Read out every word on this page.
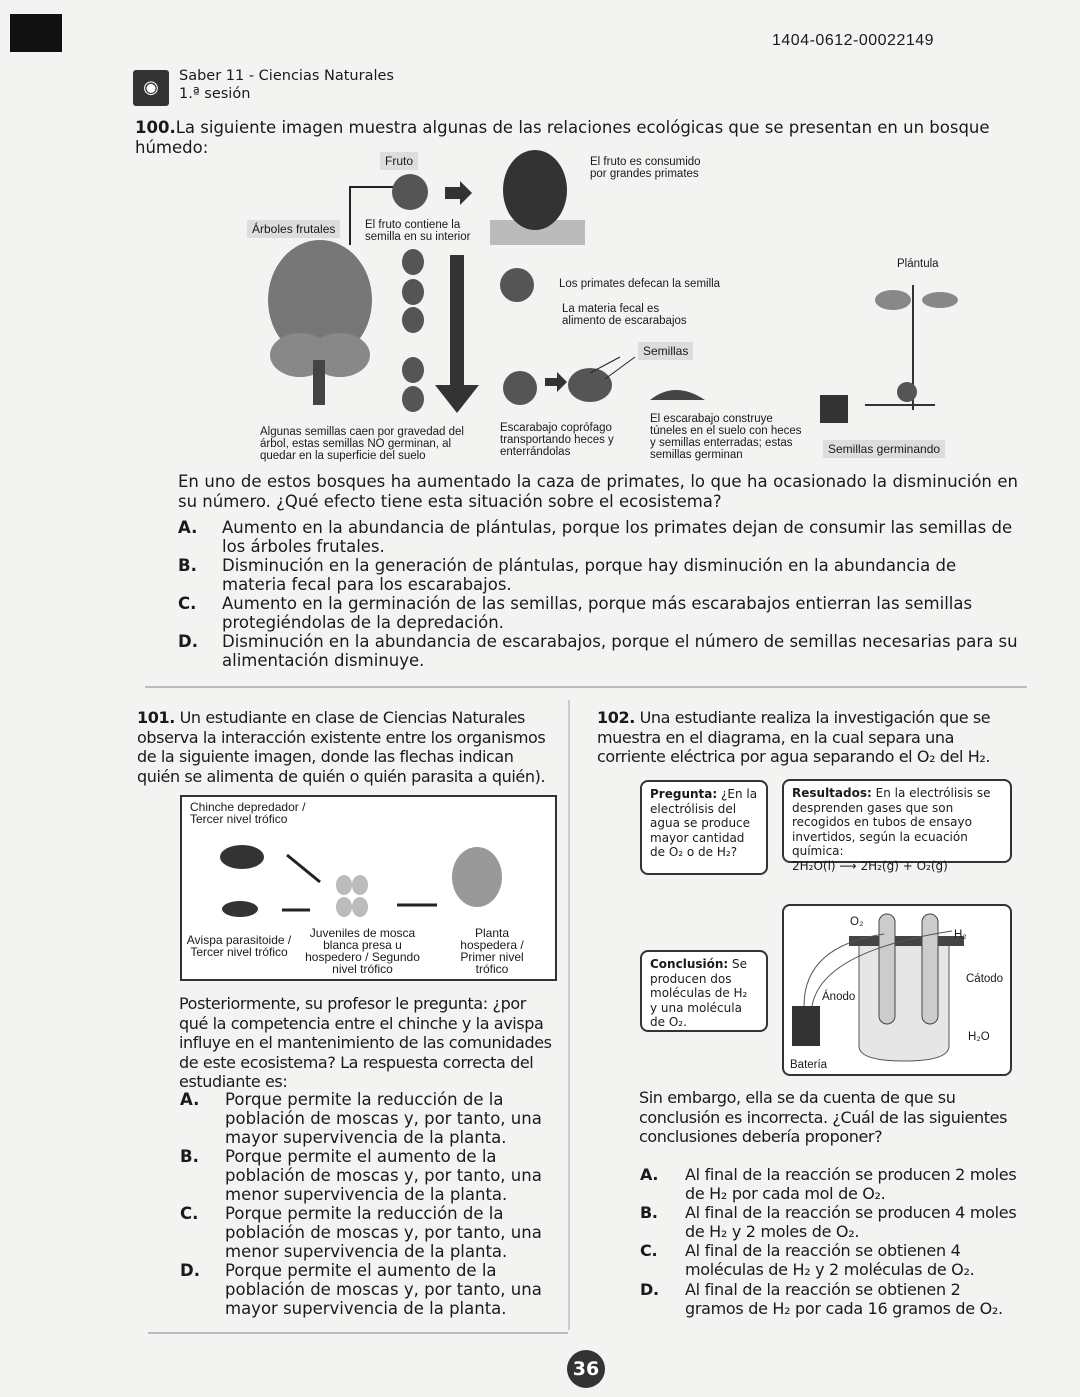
1404-0612-00022149
◉
Saber 11 - Ciencias Naturales
1.ª sesión
100.La siguiente imagen muestra algunas de las relaciones ecológicas que se presentan en un bosque húmedo:
Fruto
Árboles frutales	El fruto contiene la semilla en su interior
El fruto es consumido por grandes primates
Los primates defecan la semilla
La materia fecal es alimento de escarabajos
Semillas
Plántula
Algunas semillas caen por gravedad del árbol, estas semillas NO germinan, al quedar en la superficie del suelo
Escarabajo coprófago transportando heces y enterrándolas
El escarabajo construye túneles en el suelo con heces y semillas enterradas; estas semillas germinan	Semillas germinando
En uno de estos bosques ha aumentado la caza de primates, lo que ha ocasionado la disminución en su número. ¿Qué efecto tiene esta situación sobre el ecosistema?
A. Aumento en la abundancia de plántulas, porque los primates dejan de consumir las semillas de los árboles frutales.
B. Disminución en la generación de plántulas, porque hay disminución en la abundancia de materia fecal para los escarabajos.
C. Aumento en la germinación de las semillas, porque más escarabajos entierran las semillas protegiéndolas de la depredación.
D. Disminución en la abundancia de escarabajos, porque el número de semillas necesarias para su alimentación disminuye.
101. Un estudiante en clase de Ciencias Naturales observa la interacción existente entre los organismos de la siguiente imagen, donde las flechas indican quién se alimenta de quién o quién parasita a quién).
Chinche depredador / Tercer nivel trófico
Avispa parasitoide / Tercer nivel trófico
Juveniles de mosca blanca presa u hospedero / Segundo nivel trófico
Planta hospedera / Primer nivel trófico
Posteriormente, su profesor le pregunta: ¿por qué la competencia entre el chinche y la avispa influye en el mantenimiento de las comunidades de este ecosistema? La respuesta correcta del estudiante es:
A. Porque permite la reducción de la población de moscas y, por tanto, una mayor supervivencia de la planta.
B. Porque permite el aumento de la población de moscas y, por tanto, una menor supervivencia de la planta.
C. Porque permite la reducción de la población de moscas y, por tanto, una menor supervivencia de la planta.
D. Porque permite el aumento de la población de moscas y, por tanto, una mayor supervivencia de la planta.
102. Una estudiante realiza la investigación que se muestra en el diagrama, en la cual separa una corriente eléctrica por agua separando el O₂ del H₂.
Pregunta: ¿En la electrólisis del agua se produce mayor cantidad de O₂ o de H₂?
Resultados: En la electrólisis se desprenden gases que son recogidos en tubos de ensayo invertidos, según la ecuación química:
2H₂O(l) ⟶ 2H₂(g) + O₂(g)
Conclusión: Se producen dos moléculas de H₂ y una molécula de O₂.
O₂
H₂
Cátodo
Ánodo
H₂O
Batería
Sin embargo, ella se da cuenta de que su conclusión es incorrecta. ¿Cuál de las siguientes conclusiones debería proponer?
A. Al final de la reacción se producen 2 moles de H₂ por cada mol de O₂.
B. Al final de la reacción se producen 4 moles de H₂ y 2 moles de O₂.
C. Al final de la reacción se obtienen 4 moléculas de H₂ y 2 moléculas de O₂.
D. Al final de la reacción se obtienen 2 gramos de H₂ por cada 16 gramos de O₂.
36
